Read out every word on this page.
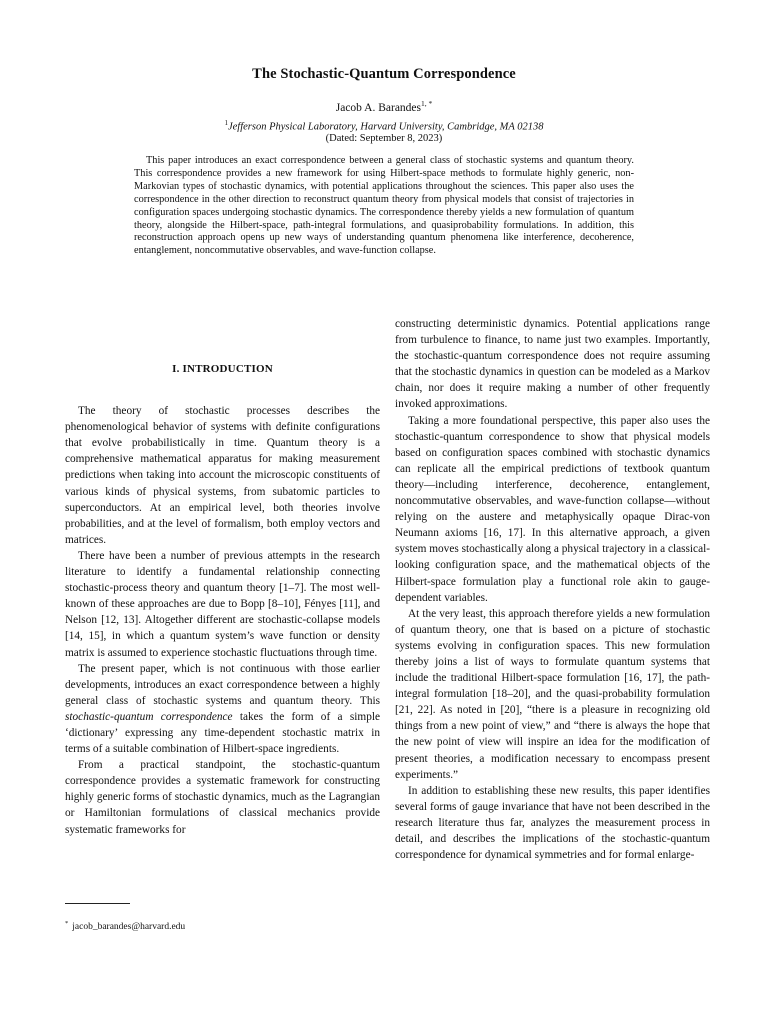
The Stochastic-Quantum Correspondence
Jacob A. Barandes$^{1, *}$
$^1$Jefferson Physical Laboratory, Harvard University, Cambridge, MA 02138
(Dated: September 8, 2023)
This paper introduces an exact correspondence between a general class of stochastic systems and quantum theory. This correspondence provides a new framework for using Hilbert-space methods to formulate highly generic, non-Markovian types of stochastic dynamics, with potential applications throughout the sciences. This paper also uses the correspondence in the other direction to reconstruct quantum theory from physical models that consist of trajectories in configuration spaces undergoing stochastic dynamics. The correspondence thereby yields a new formulation of quantum theory, alongside the Hilbert-space, path-integral formulations, and quasiprobability formulations. In addition, this reconstruction approach opens up new ways of understanding quantum phenomena like interference, decoherence, entanglement, noncommutative observables, and wave-function collapse.
I. INTRODUCTION

The theory of stochastic processes describes the phenomenological behavior of systems with definite configurations that evolve probabilistically in time. Quantum theory is a comprehensive mathematical apparatus for making measurement predictions when taking into account the microscopic constituents of various kinds of physical systems, from subatomic particles to superconductors. At an empirical level, both theories involve probabilities, and at the level of formalism, both employ vectors and matrices.

There have been a number of previous attempts in the research literature to identify a fundamental relationship connecting stochastic-process theory and quantum theory [1–7]. The most well-known of these approaches are due to Bopp [8–10], Fényes [11], and Nelson [12, 13]. Altogether different are stochastic-collapse models [14, 15], in which a quantum system’s wave function or density matrix is assumed to experience stochastic fluctuations through time.

The present paper, which is not continuous with those earlier developments, introduces an exact correspondence between a highly general class of stochastic systems and quantum theory. This stochastic-quantum correspondence takes the form of a simple ‘dictionary’ expressing any time-dependent stochastic matrix in terms of a suitable combination of Hilbert-space ingredients.

From a practical standpoint, the stochastic-quantum correspondence provides a systematic framework for constructing highly generic forms of stochastic dynamics, much as the Lagrangian or Hamiltonian formulations of classical mechanics provide systematic frameworks for

constructing deterministic dynamics. Potential applications range from turbulence to finance, to name just two examples. Importantly, the stochastic-quantum correspondence does not require assuming that the stochastic dynamics in question can be modeled as a Markov chain, nor does it require making a number of other frequently invoked approximations.

Taking a more foundational perspective, this paper also uses the stochastic-quantum correspondence to show that physical models based on configuration spaces combined with stochastic dynamics can replicate all the empirical predictions of textbook quantum theory—including interference, decoherence, entanglement, noncommutative observables, and wave-function collapse—without relying on the austere and metaphysically opaque Dirac-von Neumann axioms [16, 17]. In this alternative approach, a given system moves stochastically along a physical trajectory in a classical-looking configuration space, and the mathematical objects of the Hilbert-space formulation play a functional role akin to gauge-dependent variables.

At the very least, this approach therefore yields a new formulation of quantum theory, one that is based on a picture of stochastic systems evolving in configuration spaces. This new formulation thereby joins a list of ways to formulate quantum systems that include the traditional Hilbert-space formulation [16, 17], the path-integral formulation [18–20], and the quasi-probability formulation [21, 22]. As noted in [20], “there is a pleasure in recognizing old things from a new point of view,” and “there is always the hope that the new point of view will inspire an idea for the modification of present theories, a modification necessary to encompass present experiments.”

In addition to establishing these new results, this paper identifies several forms of gauge invariance that have not been described in the research literature thus far, analyzes the measurement process in detail, and describes the implications of the stochastic-quantum correspondence for dynamical symmetries and for formal enlarge-

* jacob_barandes@harvard.edu
